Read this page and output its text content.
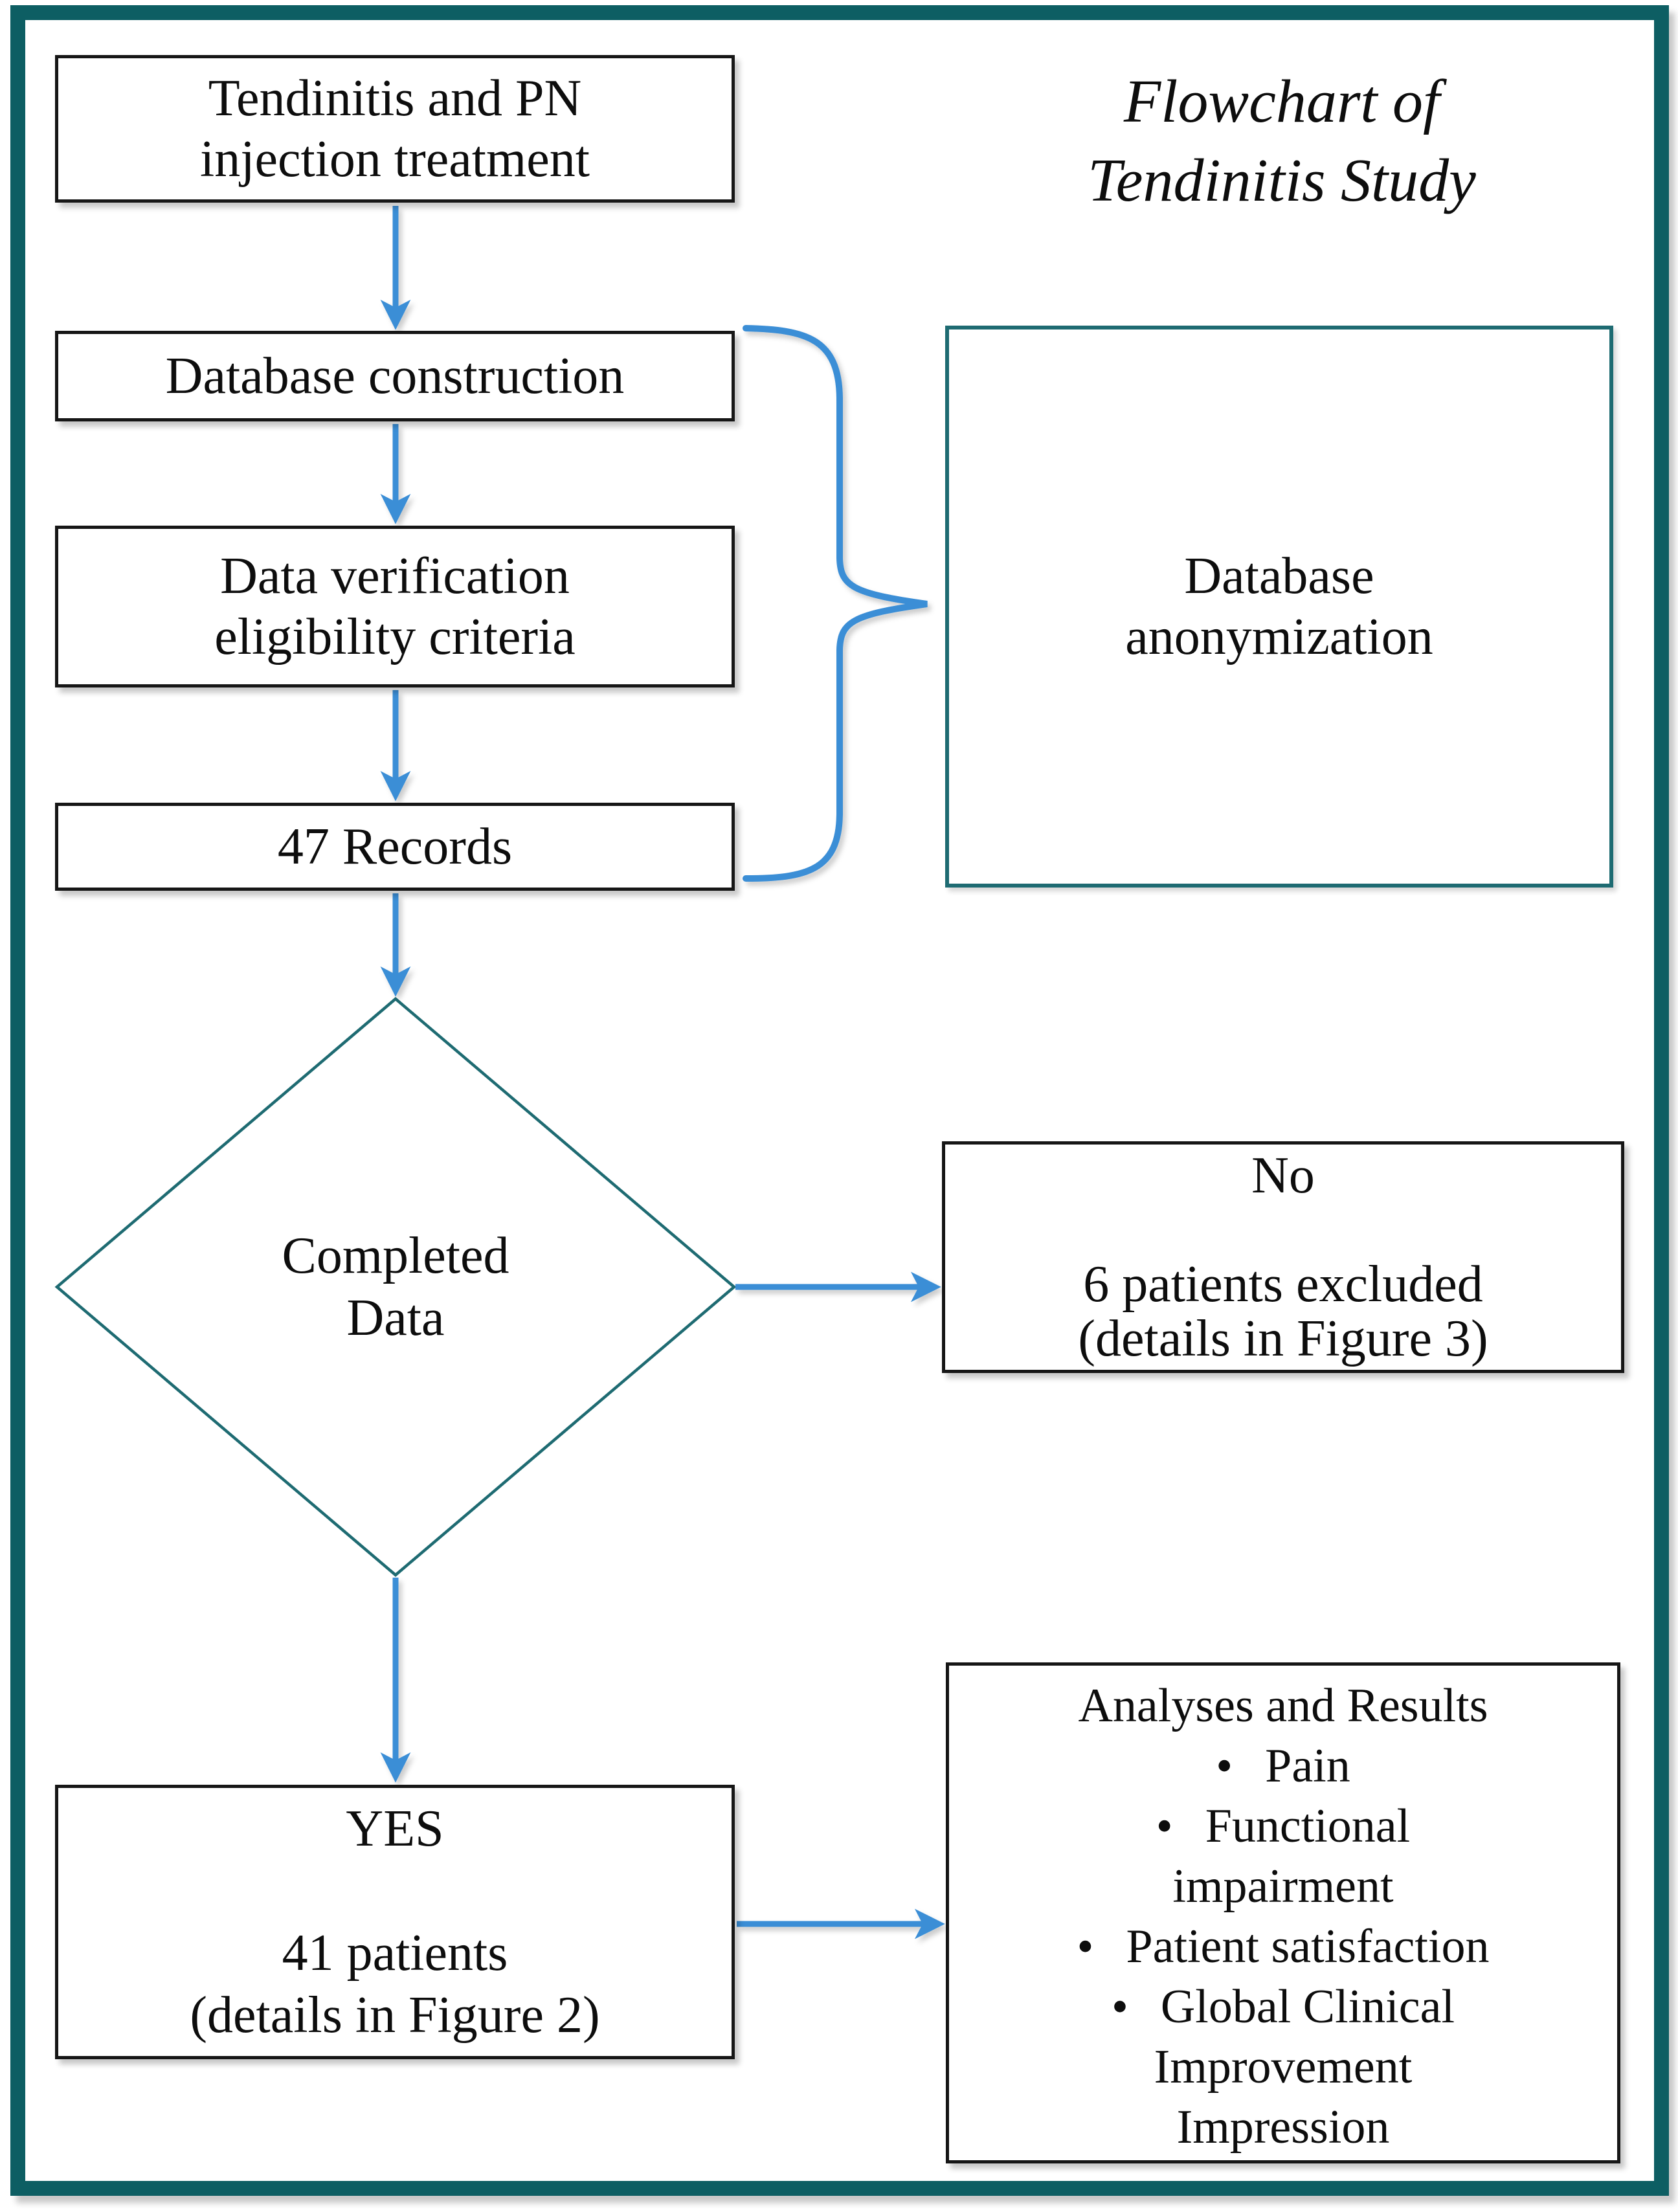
Flowchart of
Tendinitis Study
Tendinitis and PN
injection treatment
Database construction
Data verification
eligibility criteria
47 Records
Database
anonymization
Completed
Data
No
6 patients excluded
(details in Figure 3)
YES
41 patients
(details in Figure 2)
Analyses and Results
• Pain
• Functional impairment
• Patient satisfaction
• Global Clinical Improvement Impression
